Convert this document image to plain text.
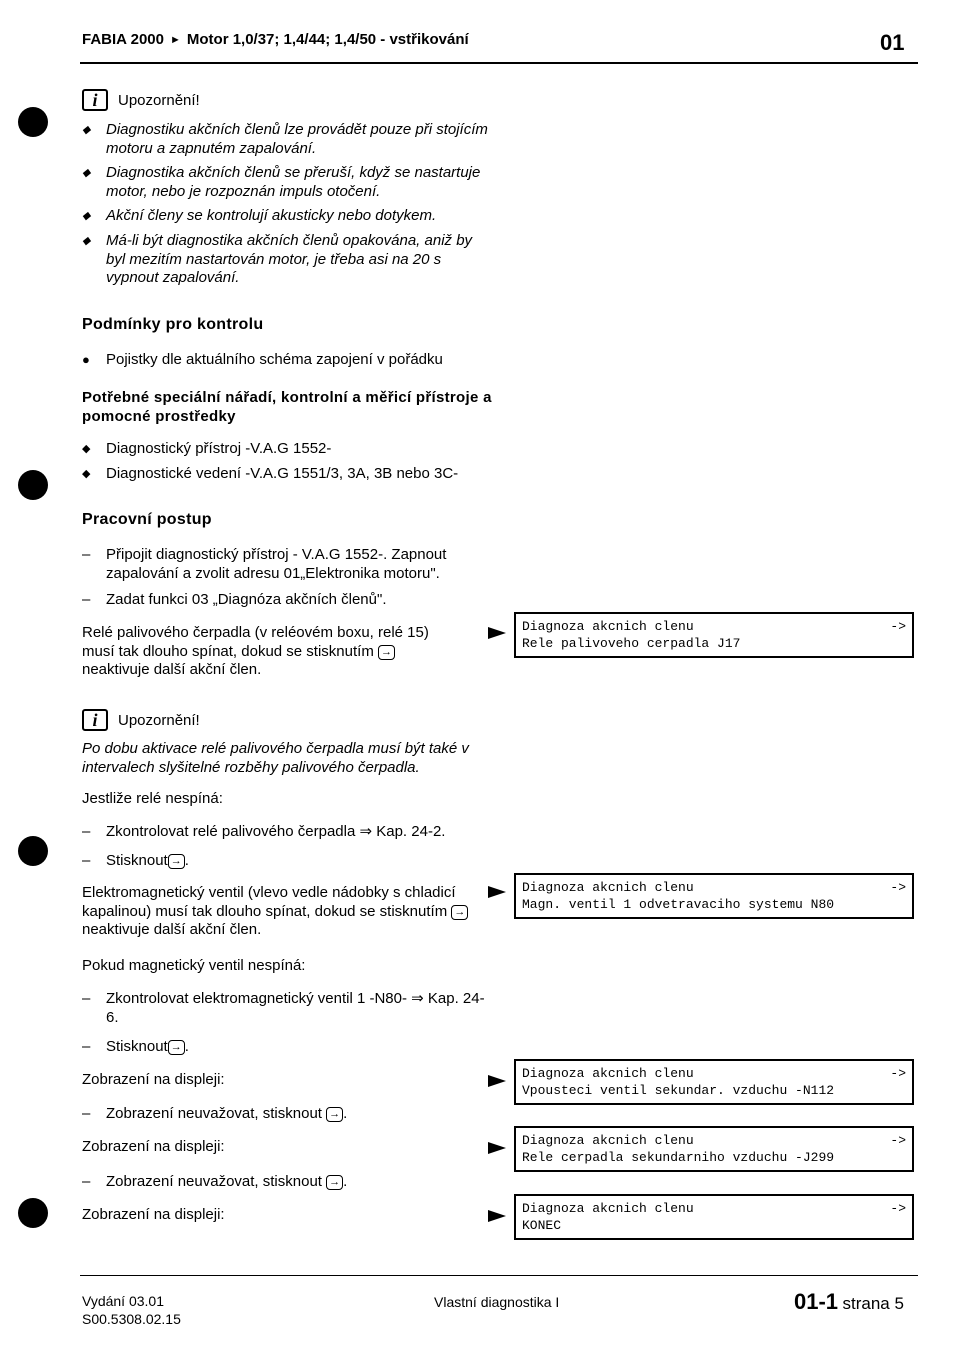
FABIA 2000 ► Motor 1,0/37; 1,4/44; 1,4/50 - vstřikování	01
i	Upozornění!
◆ Diagnostiku akčních členů lze provádět pouze při stojícím motoru a zapnutém zapalování.
◆ Diagnostika akčních členů se přeruší, když se nastartuje motor, nebo je rozpoznán impuls otočení.
◆ Akční členy se kontrolují akusticky nebo dotykem.
◆ Má-li být diagnostika akčních členů opakována, aniž by byl mezitím nastartován motor, je třeba asi na 20 s vypnout zapalování.
Podmínky pro kontrolu
● Pojistky dle aktuálního schéma zapojení v pořádku
Potřebné speciální nářadí, kontrolní a měřicí přístroje a pomocné prostředky
◆ Diagnostický přístroj -V.A.G 1552-
◆ Diagnostické vedení -V.A.G 1551/3, 3A, 3B nebo 3C-
Pracovní postup
– Připojit diagnostický přístroj - V.A.G 1552-. Zapnout zapalování a zvolit adresu 01„Elektronika motoru".
– Zadat funkci 03 „Diagnóza akčních členů".
Relé palivového čerpadla (v reléovém boxu, relé 15) musí tak dlouho spínat, dokud se stisknutím → neaktivuje další akční člen.
Diagnoza akcnich clenu	->
Rele palivoveho cerpadla J17
i	Upozornění!
Po dobu aktivace relé palivového čerpadla musí být také v intervalech slyšitelné rozběhy palivového čerpadla.
Jestliže relé nespíná:
– Zkontrolovat relé palivového čerpadla ⇒ Kap. 24-2.
– Stisknout → .
Elektromagnetický ventil (vlevo vedle nádobky s chladicí kapalinou) musí tak dlouho spínat, dokud se stisknutím → neaktivuje další akční člen.
Diagnoza akcnich clenu	->
Magn. ventil 1 odvetravaciho systemu N80
Pokud magnetický ventil nespíná:
– Zkontrolovat elektromagnetický ventil 1 -N80- ⇒ Kap. 24-6.
– Stisknout → .
Zobrazení na displeji:	Diagnoza akcnich clenu	->
Vpousteci ventil sekundar. vzduchu -N112
– Zobrazení neuvažovat, stisknout → .
Zobrazení na displeji:	Diagnoza akcnich clenu	->
Rele cerpadla sekundarniho vzduchu -J299
– Zobrazení neuvažovat, stisknout → .
Zobrazení na displeji:	Diagnoza akcnich clenu	->
KONEC
Vydání 03.01
S00.5308.02.15
Vlastní diagnostika I	01-1 strana 5
